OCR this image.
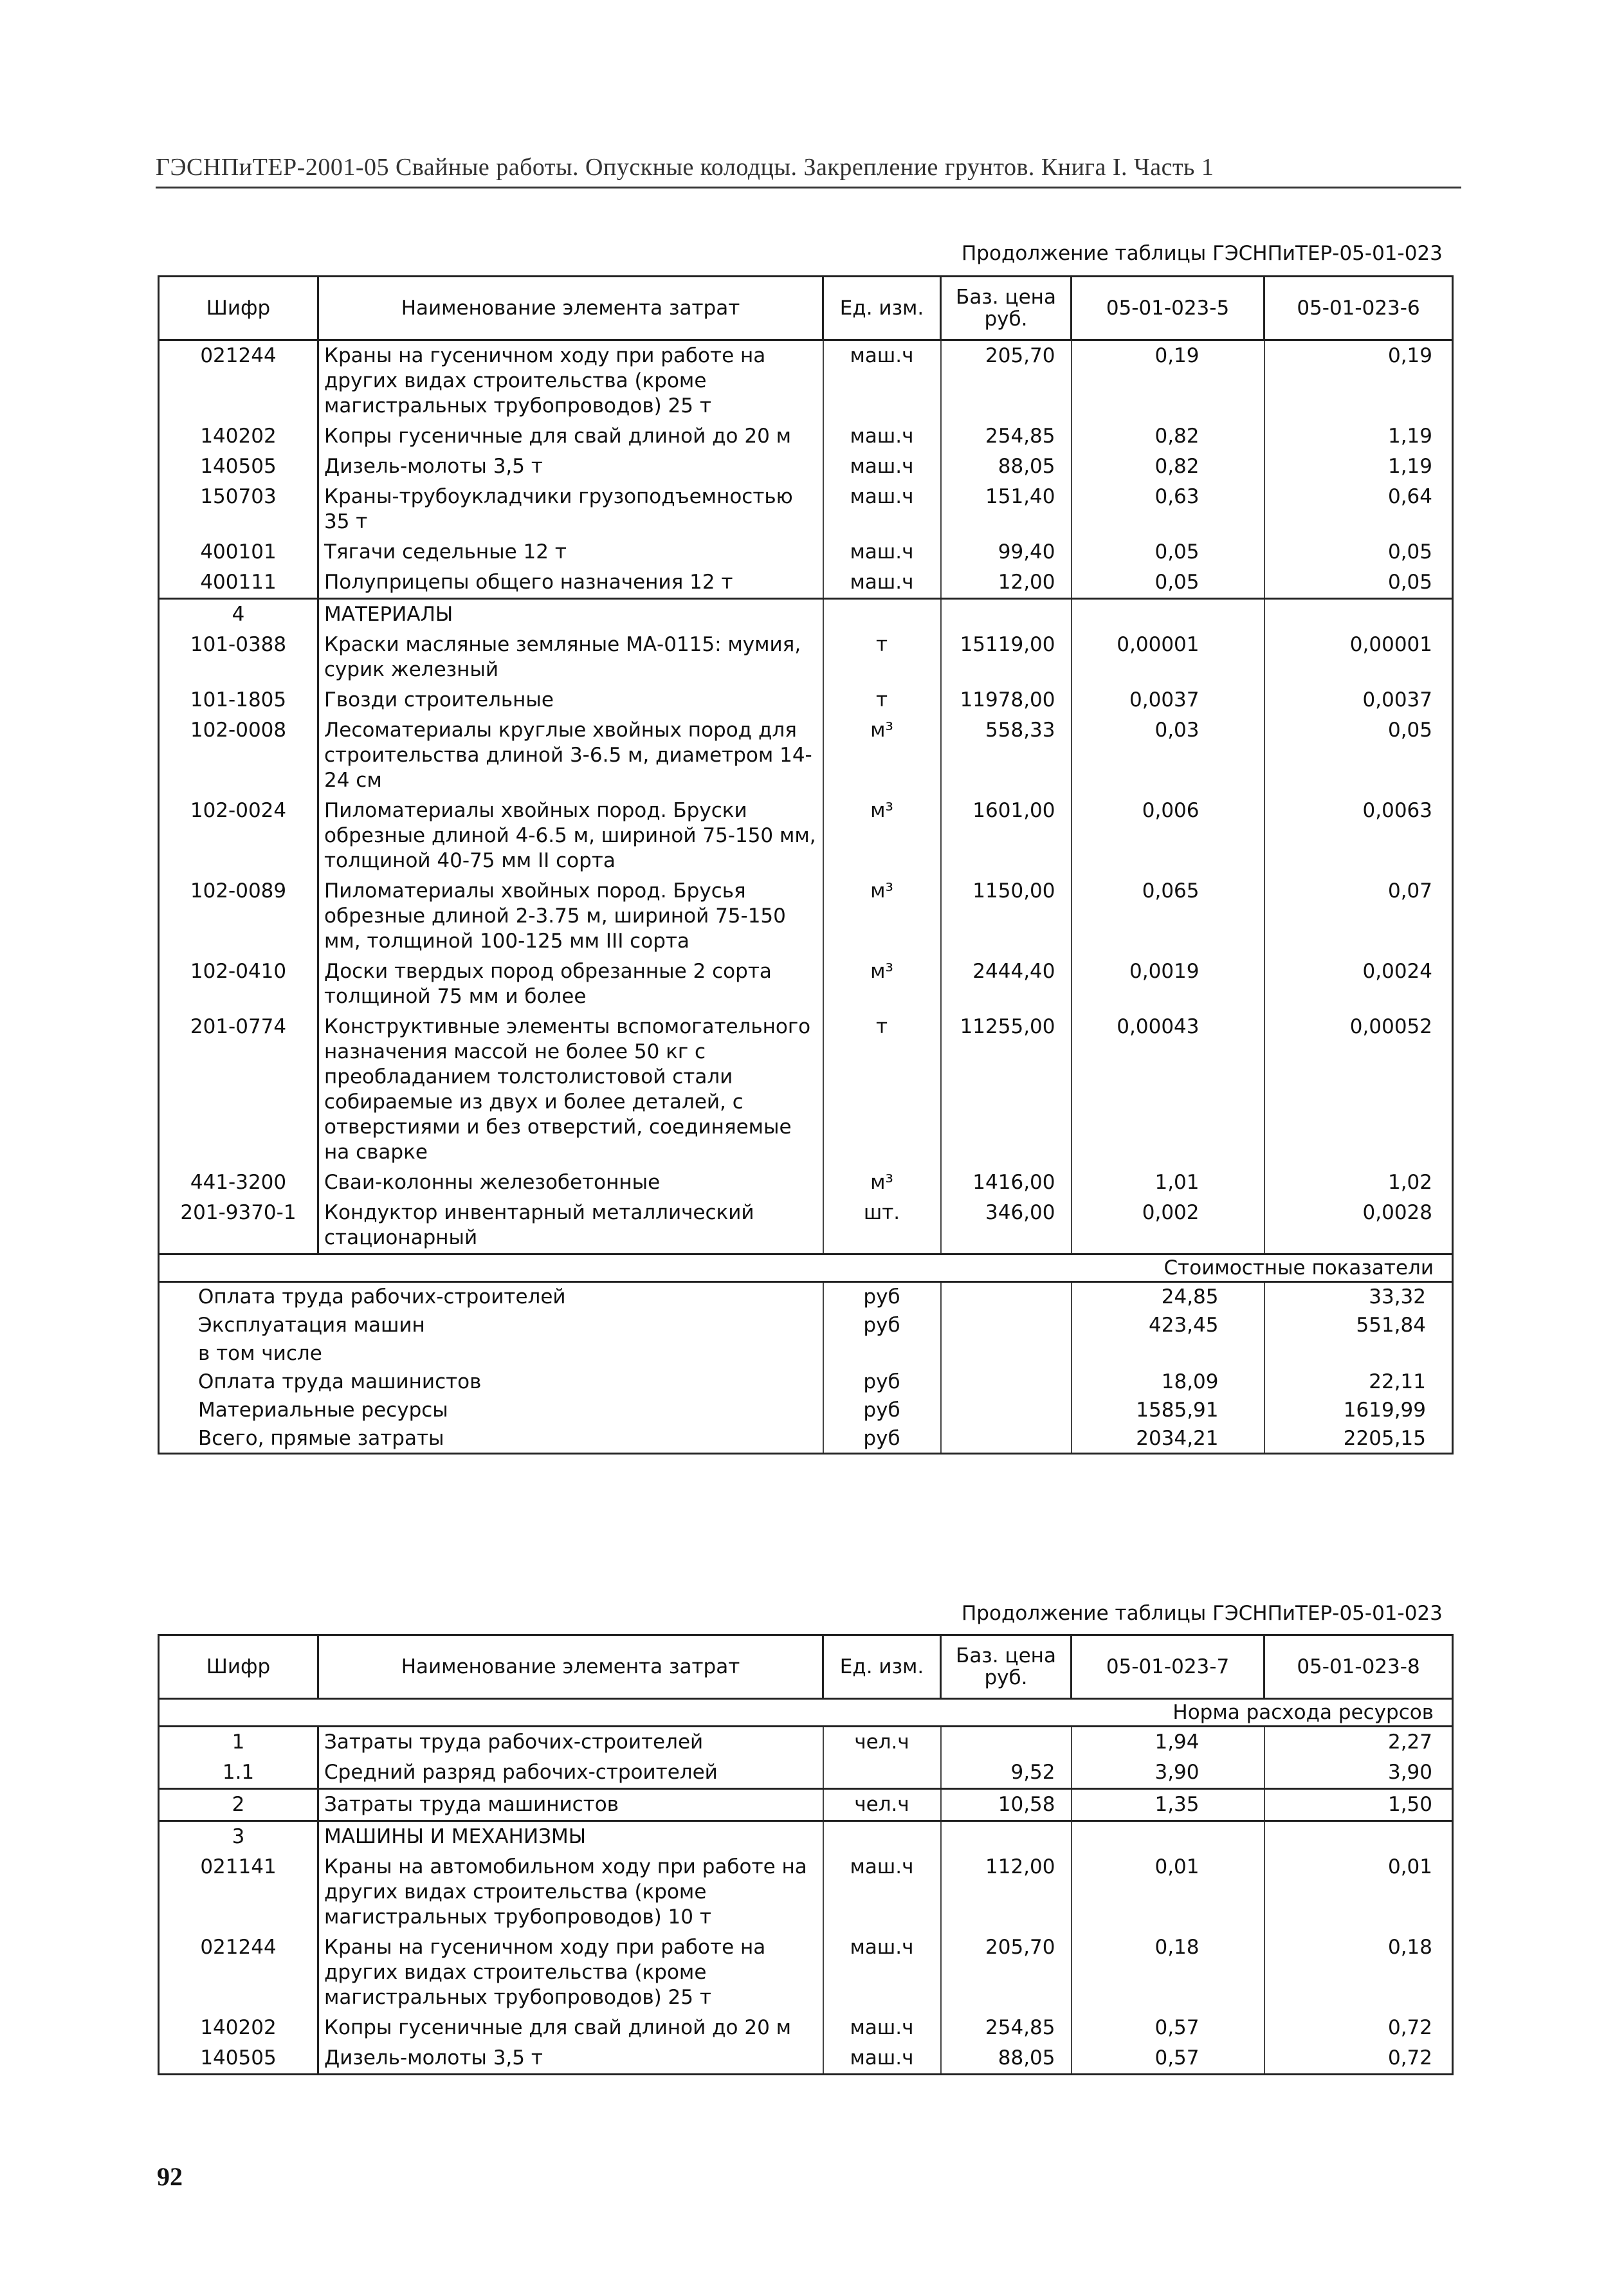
ГЭСНПиТЕР-2001-05 Свайные работы. Опускные колодцы. Закрепление грунтов. Книга I. Часть 1
Продолжение таблицы ГЭСНПиТЕР-05-01-023
Шифр	Наименование элемента затрат	Ед. изм.	Баз. цена руб.	05-01-023-5	05-01-023-6
021244	Краны на гусеничном ходу при работе на других видах строительства (кроме магистральных трубопроводов) 25 т	маш.ч	205,70	0,19	0,19
140202	Копры гусеничные для свай длиной до 20 м	маш.ч	254,85	0,82	1,19
140505	Дизель-молоты 3,5 т	маш.ч	88,05	0,82	1,19
150703	Краны-трубоукладчики грузоподъемностью 35 т	маш.ч	151,40	0,63	0,64
400101	Тягачи седельные 12 т	маш.ч	99,40	0,05	0,05
400111	Полуприцепы общего назначения 12 т	маш.ч	12,00	0,05	0,05
4	МАТЕРИАЛЫ				
101-0388	Краски масляные земляные МА-0115: мумия, сурик железный	т	15119,00	0,00001	0,00001
101-1805	Гвозди строительные	т	11978,00	0,0037	0,0037
102-0008	Лесоматериалы круглые хвойных пород для строительства длиной 3-6.5 м, диаметром 14-24 см	м³	558,33	0,03	0,05
102-0024	Пиломатериалы хвойных пород. Бруски обрезные длиной 4-6.5 м, шириной 75-150 мм, толщиной 40-75 мм II сорта	м³	1601,00	0,006	0,0063
102-0089	Пиломатериалы хвойных пород. Брусья обрезные длиной 2-3.75 м, шириной 75-150 мм, толщиной 100-125 мм III сорта	м³	1150,00	0,065	0,07
102-0410	Доски твердых пород обрезанные 2 сорта толщиной 75 мм и более	м³	2444,40	0,0019	0,0024
201-0774	Конструктивные элементы вспомогательного назначения массой не более 50 кг с преобладанием толстолистовой стали собираемые из двух и более деталей, с отверстиями и без отверстий, соединяемые на сварке	т	11255,00	0,00043	0,00052
441-3200	Сваи-колонны железобетонные	м³	1416,00	1,01	1,02
201-9370-1	Кондуктор инвентарный металлический стационарный	шт.	346,00	0,002	0,0028
Стоимостные показатели					
Оплата труда рабочих-строителей		руб		24,85	33,32
Эксплуатация машин		руб		423,45	551,84
в том числе					
Оплата труда машинистов		руб		18,09	22,11
Материальные ресурсы		руб		1585,91	1619,99
Всего, прямые затраты		руб		2034,21	2205,15
Продолжение таблицы ГЭСНПиТЕР-05-01-023
Шифр	Наименование элемента затрат	Ед. изм.	Баз. цена руб.	05-01-023-7	05-01-023-8
Норма расхода ресурсов					
1	Затраты труда рабочих-строителей	чел.ч		1,94	2,27
1.1	Средний разряд рабочих-строителей		9,52	3,90	3,90
2	Затраты труда машинистов	чел.ч	10,58	1,35	1,50
3	МАШИНЫ И МЕХАНИЗМЫ				
021141	Краны на автомобильном ходу при работе на других видах строительства (кроме магистральных трубопроводов) 10 т	маш.ч	112,00	0,01	0,01
021244	Краны на гусеничном ходу при работе на других видах строительства (кроме магистральных трубопроводов) 25 т	маш.ч	205,70	0,18	0,18
140202	Копры гусеничные для свай длиной до 20 м	маш.ч	254,85	0,57	0,72
140505	Дизель-молоты 3,5 т	маш.ч	88,05	0,57	0,72
92
